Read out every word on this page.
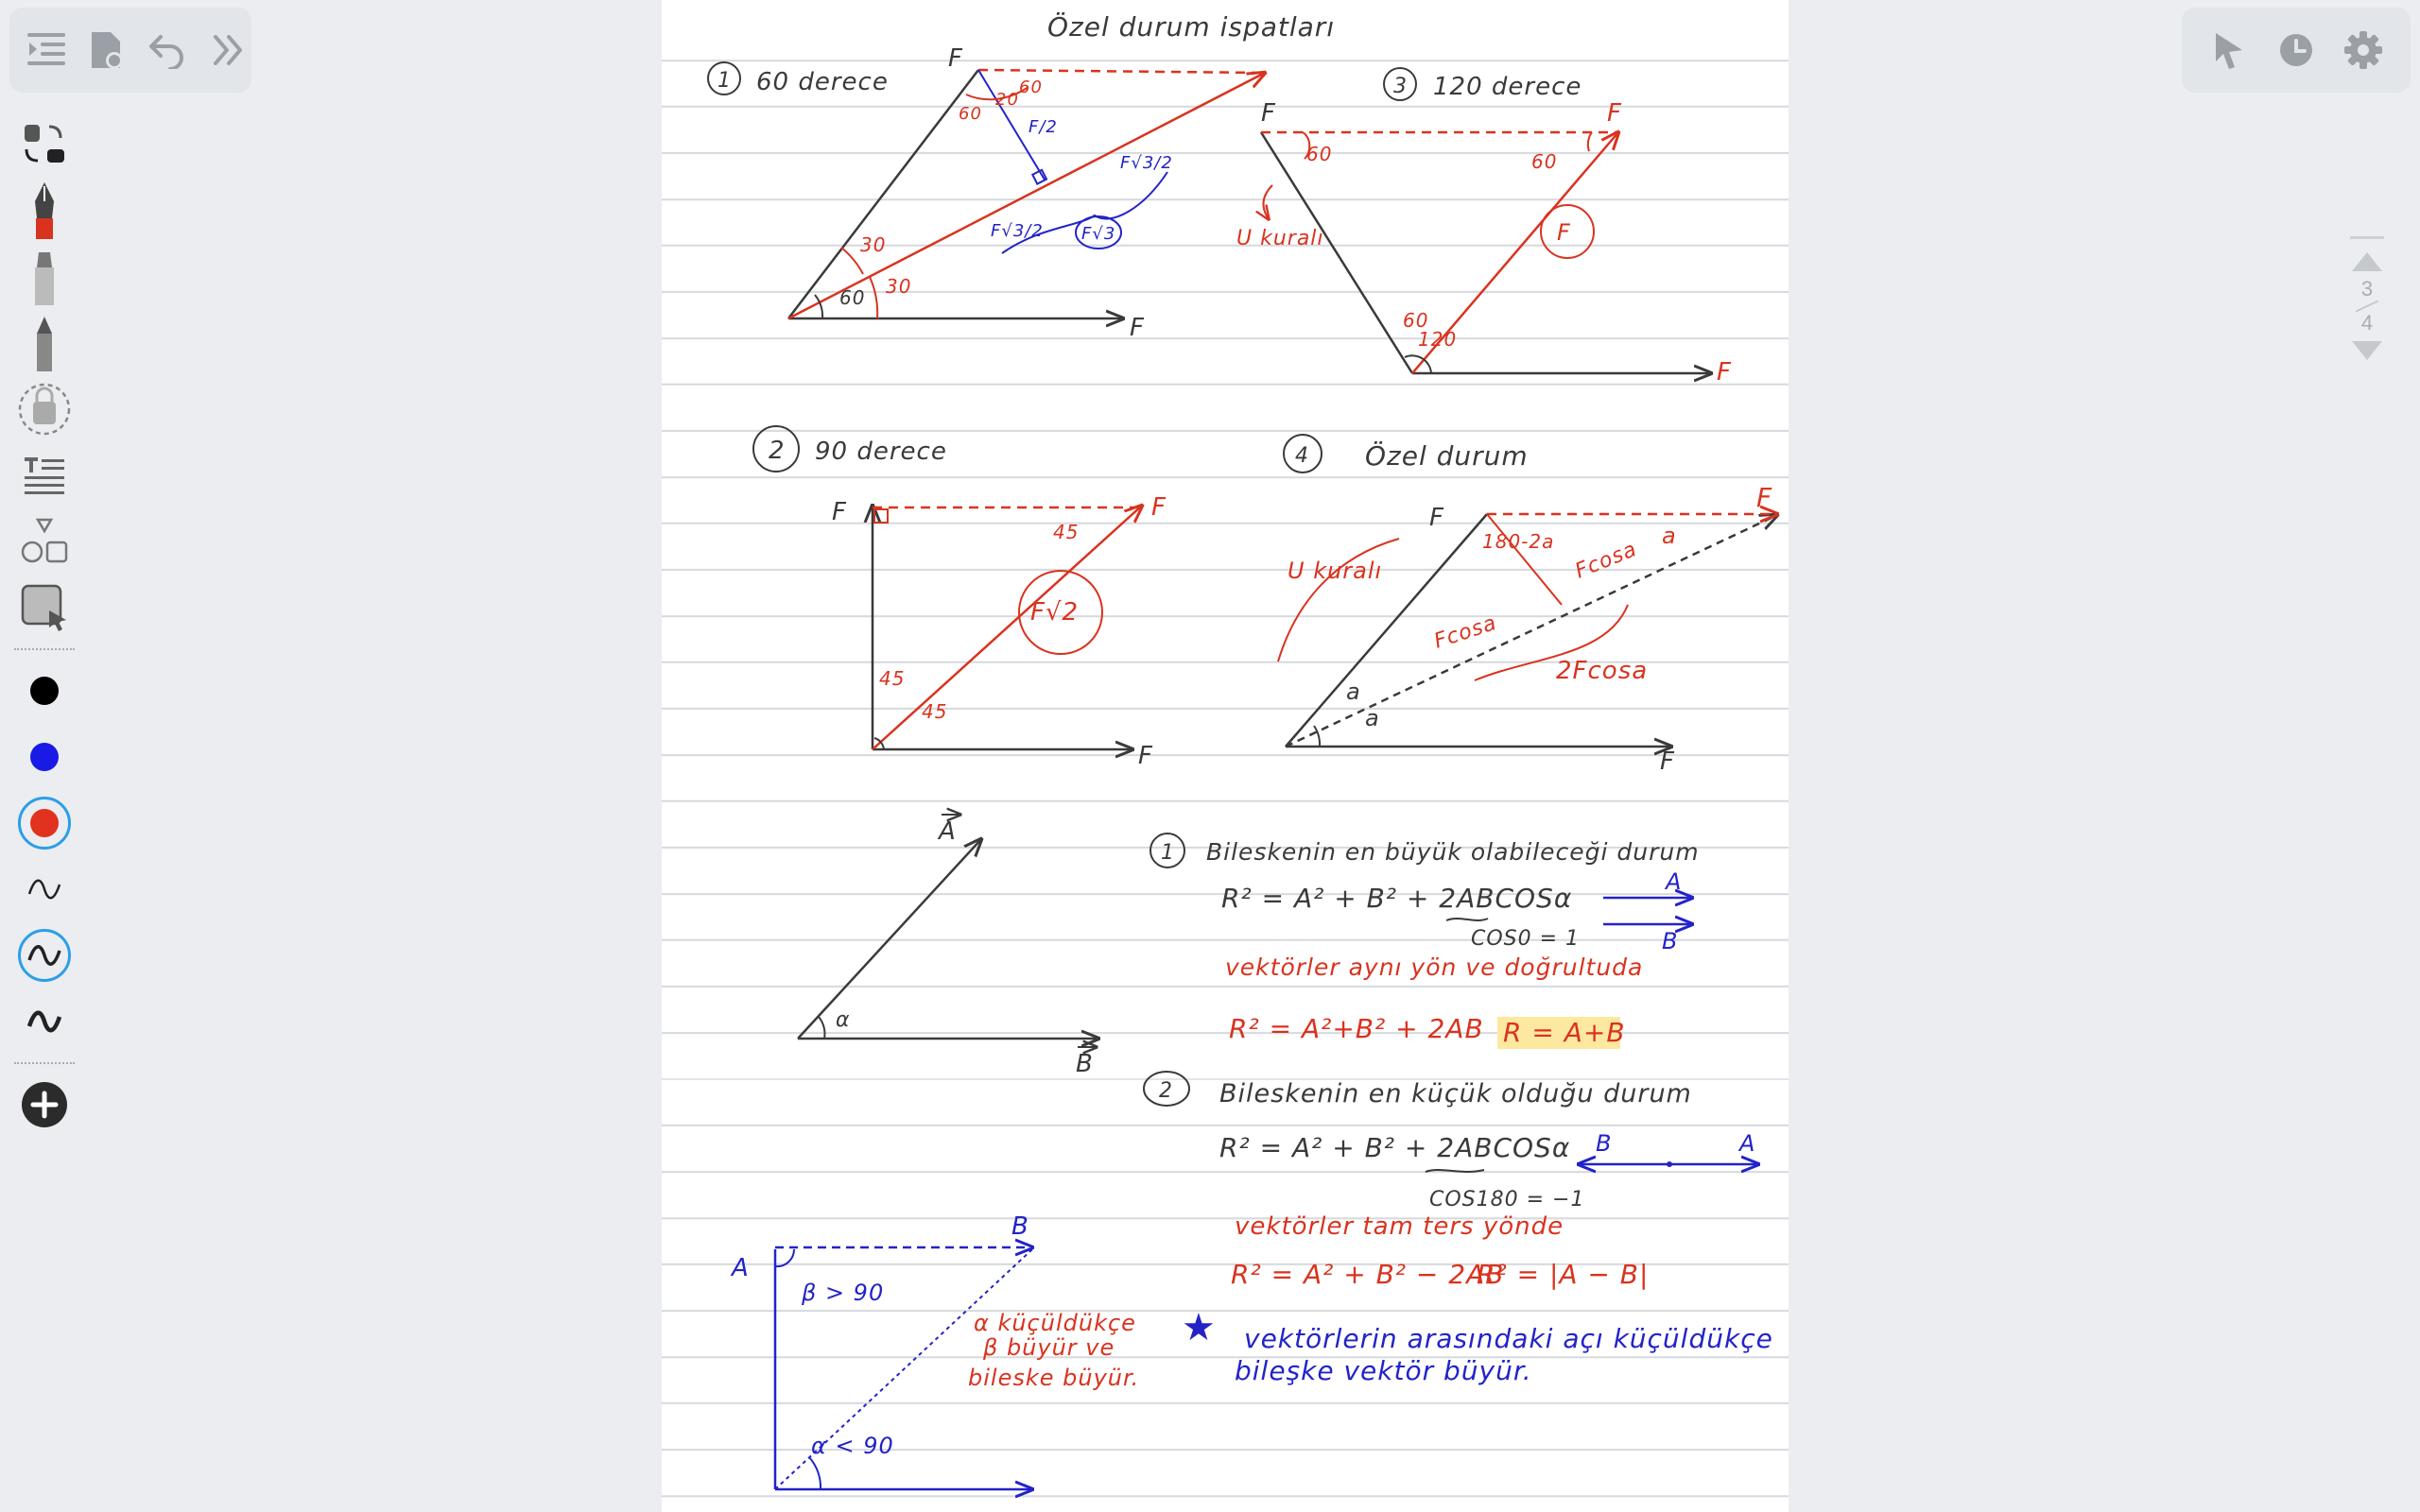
3
4
Özel durum ispatları
1 60 derece
F
F
60
20
60
60
30
30
F/2
F√3/2
F√3/2 F√3
3 120 derece
F	F
F
60	60
60
120
U kuralı	F
2 90 derece
F	F
F
45
45
45
F√2
4 Özel durum
F
F
F
U kuralı
180-2a	a
a
a
Fcosa
Fcosa
2Fcosa
A
B
α
1 Bileskenin en büyük olabileceği durum
R² = A² + B² + 2ABCOSα
COS0 = 1
A
B
vektörler aynı yön ve doğrultuda
R² = A²+B² + 2AB R = A+B
2 Bileskenin en küçük olduğu durum
R² = A² + B² + 2ABCOSα
COS180 = −1
B	A
vektörler tam ters yönde
R² = A² + B² − 2AB
R² = |A − B|
A
B
β > 90
α < 90
α küçüldükçe
β büyür ve
bileske büyür.
★ vektörlerin arasındaki açı küçüldükçe
bileşke vektör büyür.
